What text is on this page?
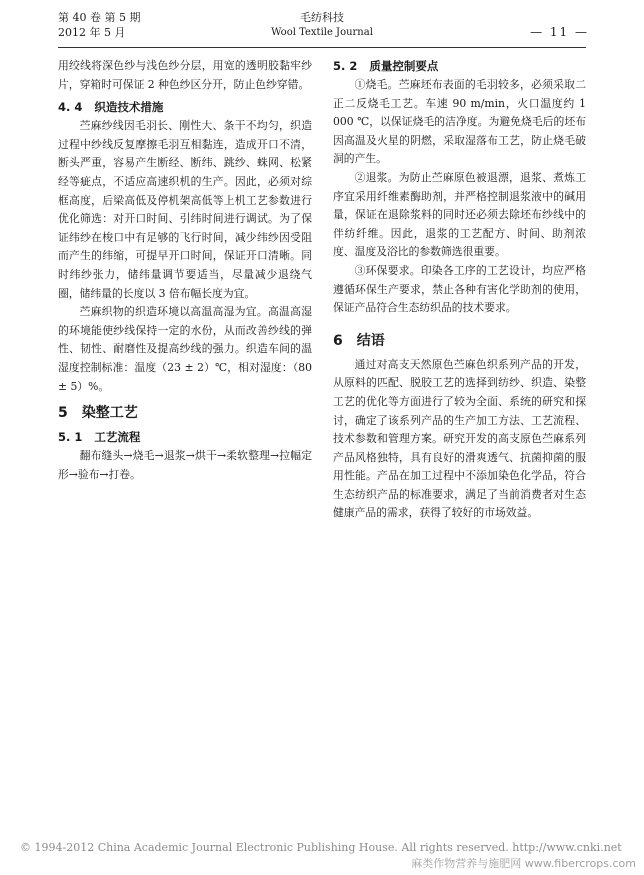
第 40 卷 第 5 期
2012 年 5 月
毛纺科技
Wool Textile Journal	— 11 —

用绞线将深色纱与浅色纱分层，用宽的透明胶黏牢纱片，穿箱时可保证 2 种色纱区分开，防止色纱穿错。

4. 4 织造技术措施

苎麻纱线因毛羽长、刚性大、条干不均匀，织造过程中纱线反复摩擦毛羽互相黏连，造成开口不清，断头严重，容易产生断经、断纬、跳纱、蛛网、松紧经等疵点，不适应高速织机的生产。因此，必须对综框高度，后梁高低及停机架高低等上机工艺参数进行优化筛选：对开口时间、引纬时间进行调试。为了保证纬纱在梭口中有足够的飞行时间，减少纬纱因受阻而产生的纬缩，可提早开口时间，保证开口清晰。同时纬纱张力，储纬量调节要适当，尽量减少退绕气圈，储纬量的长度以 3 倍布幅长度为宜。

苎麻织物的织造环境以高温高湿为宜。高温高湿的环境能使纱线保持一定的水份，从而改善纱线的弹性、韧性、耐磨性及提高纱线的强力。织造车间的温湿度控制标准：温度（23 ± 2）℃，相对湿度：（80 ± 5）%。

5 染整工艺
5. 1 工艺流程

翻布缝头→烧毛→退浆→烘干→柔软整理→拉幅定形→验布→打卷。

5. 2 质量控制要点

①烧毛。苎麻坯布表面的毛羽较多，必须采取二正二反烧毛工艺。车速 90 m/min，火口温度约 1 000 ℃，以保证烧毛的洁净度。为避免烧毛后的坯布因高温及火星的阴燃，采取湿落布工艺，防止烧毛破洞的产生。

②退浆。为防止苎麻原色被退漂，退浆、煮炼工序宜采用纤维素酶助剂，并严格控制退浆液中的碱用量，保证在退除浆料的同时还必须去除坯布纱线中的伴纺纤维。因此，退浆的工艺配方、时间、助剂浓度、温度及浴比的参数筛选很重要。

③环保要求。印染各工序的工艺设计，均应严格遵循环保生产要求，禁止各种有害化学助剂的使用，保证产品符合生态纺织品的技术要求。

6 结语

通过对高支天然原色苎麻色织系列产品的开发，从原料的匹配、脱胶工艺的选择到纺纱、织造、染整工艺的优化等方面进行了较为全面、系统的研究和探讨，确定了该系列产品的生产加工方法、工艺流程、技术参数和管理方案。研究开发的高支原色苎麻系列产品风格独特，具有良好的滑爽透气、抗菌抑菌的服用性能。产品在加工过程中不添加染色化学品，符合生态纺织产品的标准要求，满足了当前消费者对生态健康产品的需求，获得了较好的市场效益。

© 1994-2012 China Academic Journal Electronic Publishing House. All rights reserved. http://www.cnki.net
麻类作物营养与施肥网 www.fibercrops.com
